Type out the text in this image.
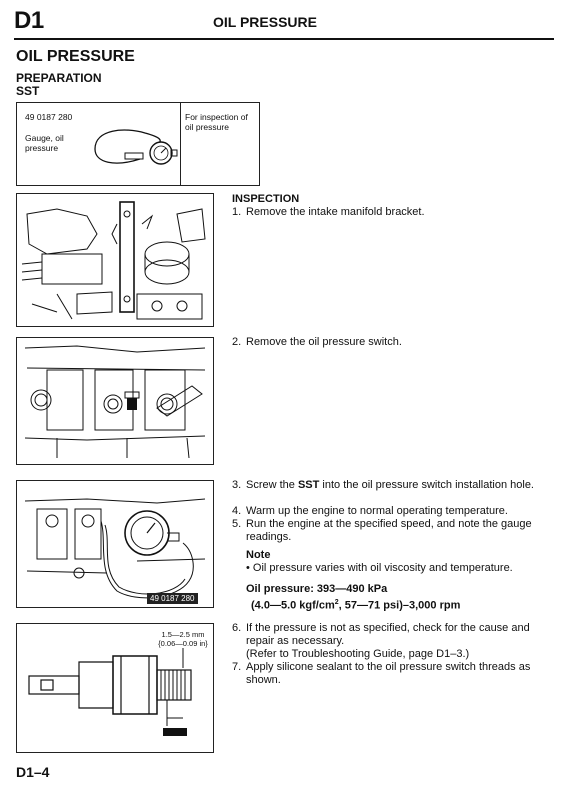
D1	OIL PRESSURE
OIL PRESSURE
PREPARATION
SST
49 0187 280
Gauge, oil pressure
For inspection of oil pressure
49 0187 280
1.5—2.5 mm
{0.06—0.09 in}
INSPECTION
1. Remove the intake manifold bracket.
2. Remove the oil pressure switch.
3. Screw the SST into the oil pressure switch installation hole.
4. Warm up the engine to normal operating temperature.
5. Run the engine at the specified speed, and note the gauge readings.
Note
• Oil pressure varies with oil viscosity and temperature.
Oil pressure: 393—490 kPa
(4.0—5.0 kgf/$cm^2$, 57—71 psi)–3,000 rpm
6. If the pressure is not as specified, check for the cause and repair as necessary.
(Refer to Troubleshooting Guide, page D1–3.)
7. Apply silicone sealant to the oil pressure switch threads as shown.
D1–4
